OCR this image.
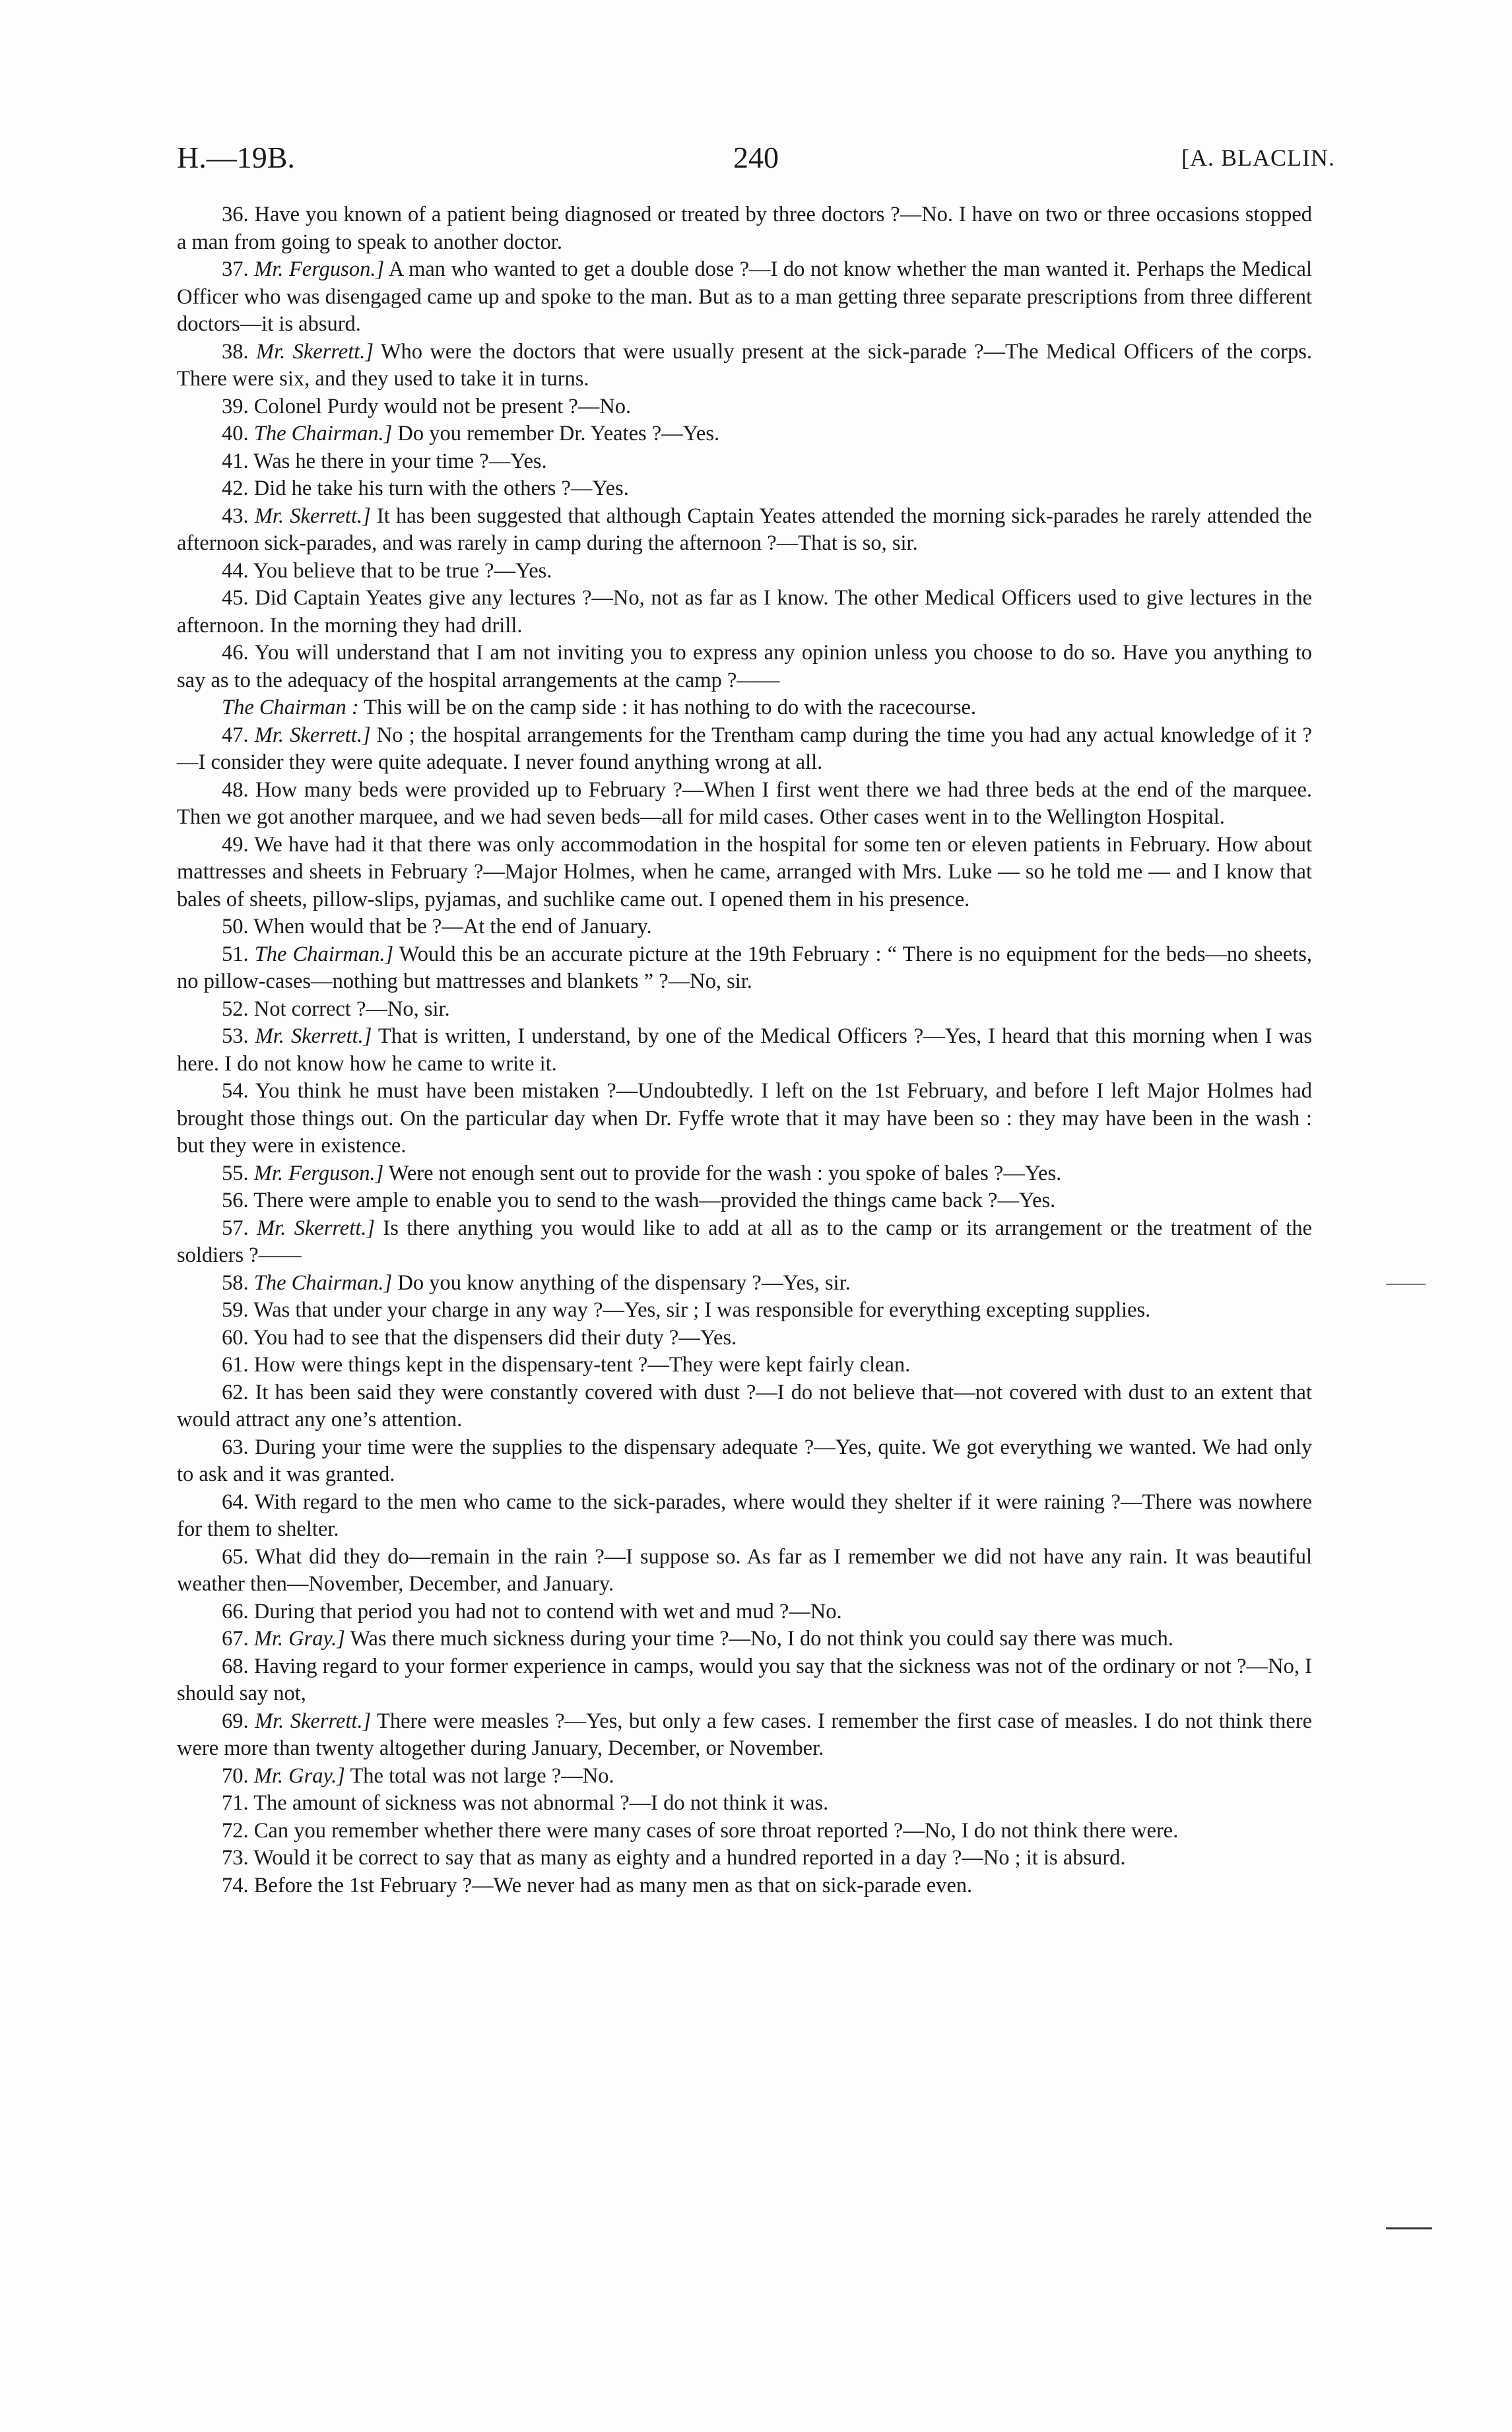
H.—19B.	240	[A. BLACLIN.

36. Have you known of a patient being diagnosed or treated by three doctors ?—No. I have on two or three occasions stopped a man from going to speak to another doctor.

37. Mr. Ferguson.] A man who wanted to get a double dose ?—I do not know whether the man wanted it. Perhaps the Medical Officer who was disengaged came up and spoke to the man. But as to a man getting three separate prescriptions from three different doctors—it is absurd.

38. Mr. Skerrett.] Who were the doctors that were usually present at the sick-parade ?—The Medical Officers of the corps. There were six, and they used to take it in turns.

39. Colonel Purdy would not be present ?—No.

40. The Chairman.] Do you remember Dr. Yeates ?—Yes.

41. Was he there in your time ?—Yes.

42. Did he take his turn with the others ?—Yes.

43. Mr. Skerrett.] It has been suggested that although Captain Yeates attended the morning sick-parades he rarely attended the afternoon sick-parades, and was rarely in camp during the afternoon ?—That is so, sir.

44. You believe that to be true ?—Yes.

45. Did Captain Yeates give any lectures ?—No, not as far as I know. The other Medical Officers used to give lectures in the afternoon. In the morning they had drill.

46. You will understand that I am not inviting you to express any opinion unless you choose to do so. Have you anything to say as to the adequacy of the hospital arrangements at the camp ?——

The Chairman : This will be on the camp side : it has nothing to do with the racecourse.

47. Mr. Skerrett.] No ; the hospital arrangements for the Trentham camp during the time you had any actual knowledge of it ?—I consider they were quite adequate. I never found anything wrong at all.

48. How many beds were provided up to February ?—When I first went there we had three beds at the end of the marquee. Then we got another marquee, and we had seven beds—all for mild cases. Other cases went in to the Wellington Hospital.

49. We have had it that there was only accommodation in the hospital for some ten or eleven patients in February. How about mattresses and sheets in February ?—Major Holmes, when he came, arranged with Mrs. Luke — so he told me — and I know that bales of sheets, pillow-slips, pyjamas, and suchlike came out. I opened them in his presence.

50. When would that be ?—At the end of January.

51. The Chairman.] Would this be an accurate picture at the 19th February : “ There is no equipment for the beds—no sheets, no pillow-cases—nothing but mattresses and blankets ” ?—No, sir.

52. Not correct ?—No, sir.

53. Mr. Skerrett.] That is written, I understand, by one of the Medical Officers ?—Yes, I heard that this morning when I was here. I do not know how he came to write it.

54. You think he must have been mistaken ?—Undoubtedly. I left on the 1st February, and before I left Major Holmes had brought those things out. On the particular day when Dr. Fyffe wrote that it may have been so : they may have been in the wash : but they were in existence.

55. Mr. Ferguson.] Were not enough sent out to provide for the wash : you spoke of bales ?—Yes.

56. There were ample to enable you to send to the wash—provided the things came back ?—Yes.

57. Mr. Skerrett.] Is there anything you would like to add at all as to the camp or its arrangement or the treatment of the soldiers ?——

58. The Chairman.] Do you know anything of the dispensary ?—Yes, sir.

59. Was that under your charge in any way ?—Yes, sir ; I was responsible for everything excepting supplies.

60. You had to see that the dispensers did their duty ?—Yes.

61. How were things kept in the dispensary-tent ?—They were kept fairly clean.

62. It has been said they were constantly covered with dust ?—I do not believe that—not covered with dust to an extent that would attract any one’s attention.

63. During your time were the supplies to the dispensary adequate ?—Yes, quite. We got everything we wanted. We had only to ask and it was granted.

64. With regard to the men who came to the sick-parades, where would they shelter if it were raining ?—There was nowhere for them to shelter.

65. What did they do—remain in the rain ?—I suppose so. As far as I remember we did not have any rain. It was beautiful weather then—November, December, and January.

66. During that period you had not to contend with wet and mud ?—No.

67. Mr. Gray.] Was there much sickness during your time ?—No, I do not think you could say there was much.

68. Having regard to your former experience in camps, would you say that the sickness was not of the ordinary or not ?—No, I should say not,

69. Mr. Skerrett.] There were measles ?—Yes, but only a few cases. I remember the first case of measles. I do not think there were more than twenty altogether during January, December, or November.

70. Mr. Gray.] The total was not large ?—No.

71. The amount of sickness was not abnormal ?—I do not think it was.

72. Can you remember whether there were many cases of sore throat reported ?—No, I do not think there were.

73. Would it be correct to say that as many as eighty and a hundred reported in a day ?—No ; it is absurd.

74. Before the 1st February ?—We never had as many men as that on sick-parade even.
